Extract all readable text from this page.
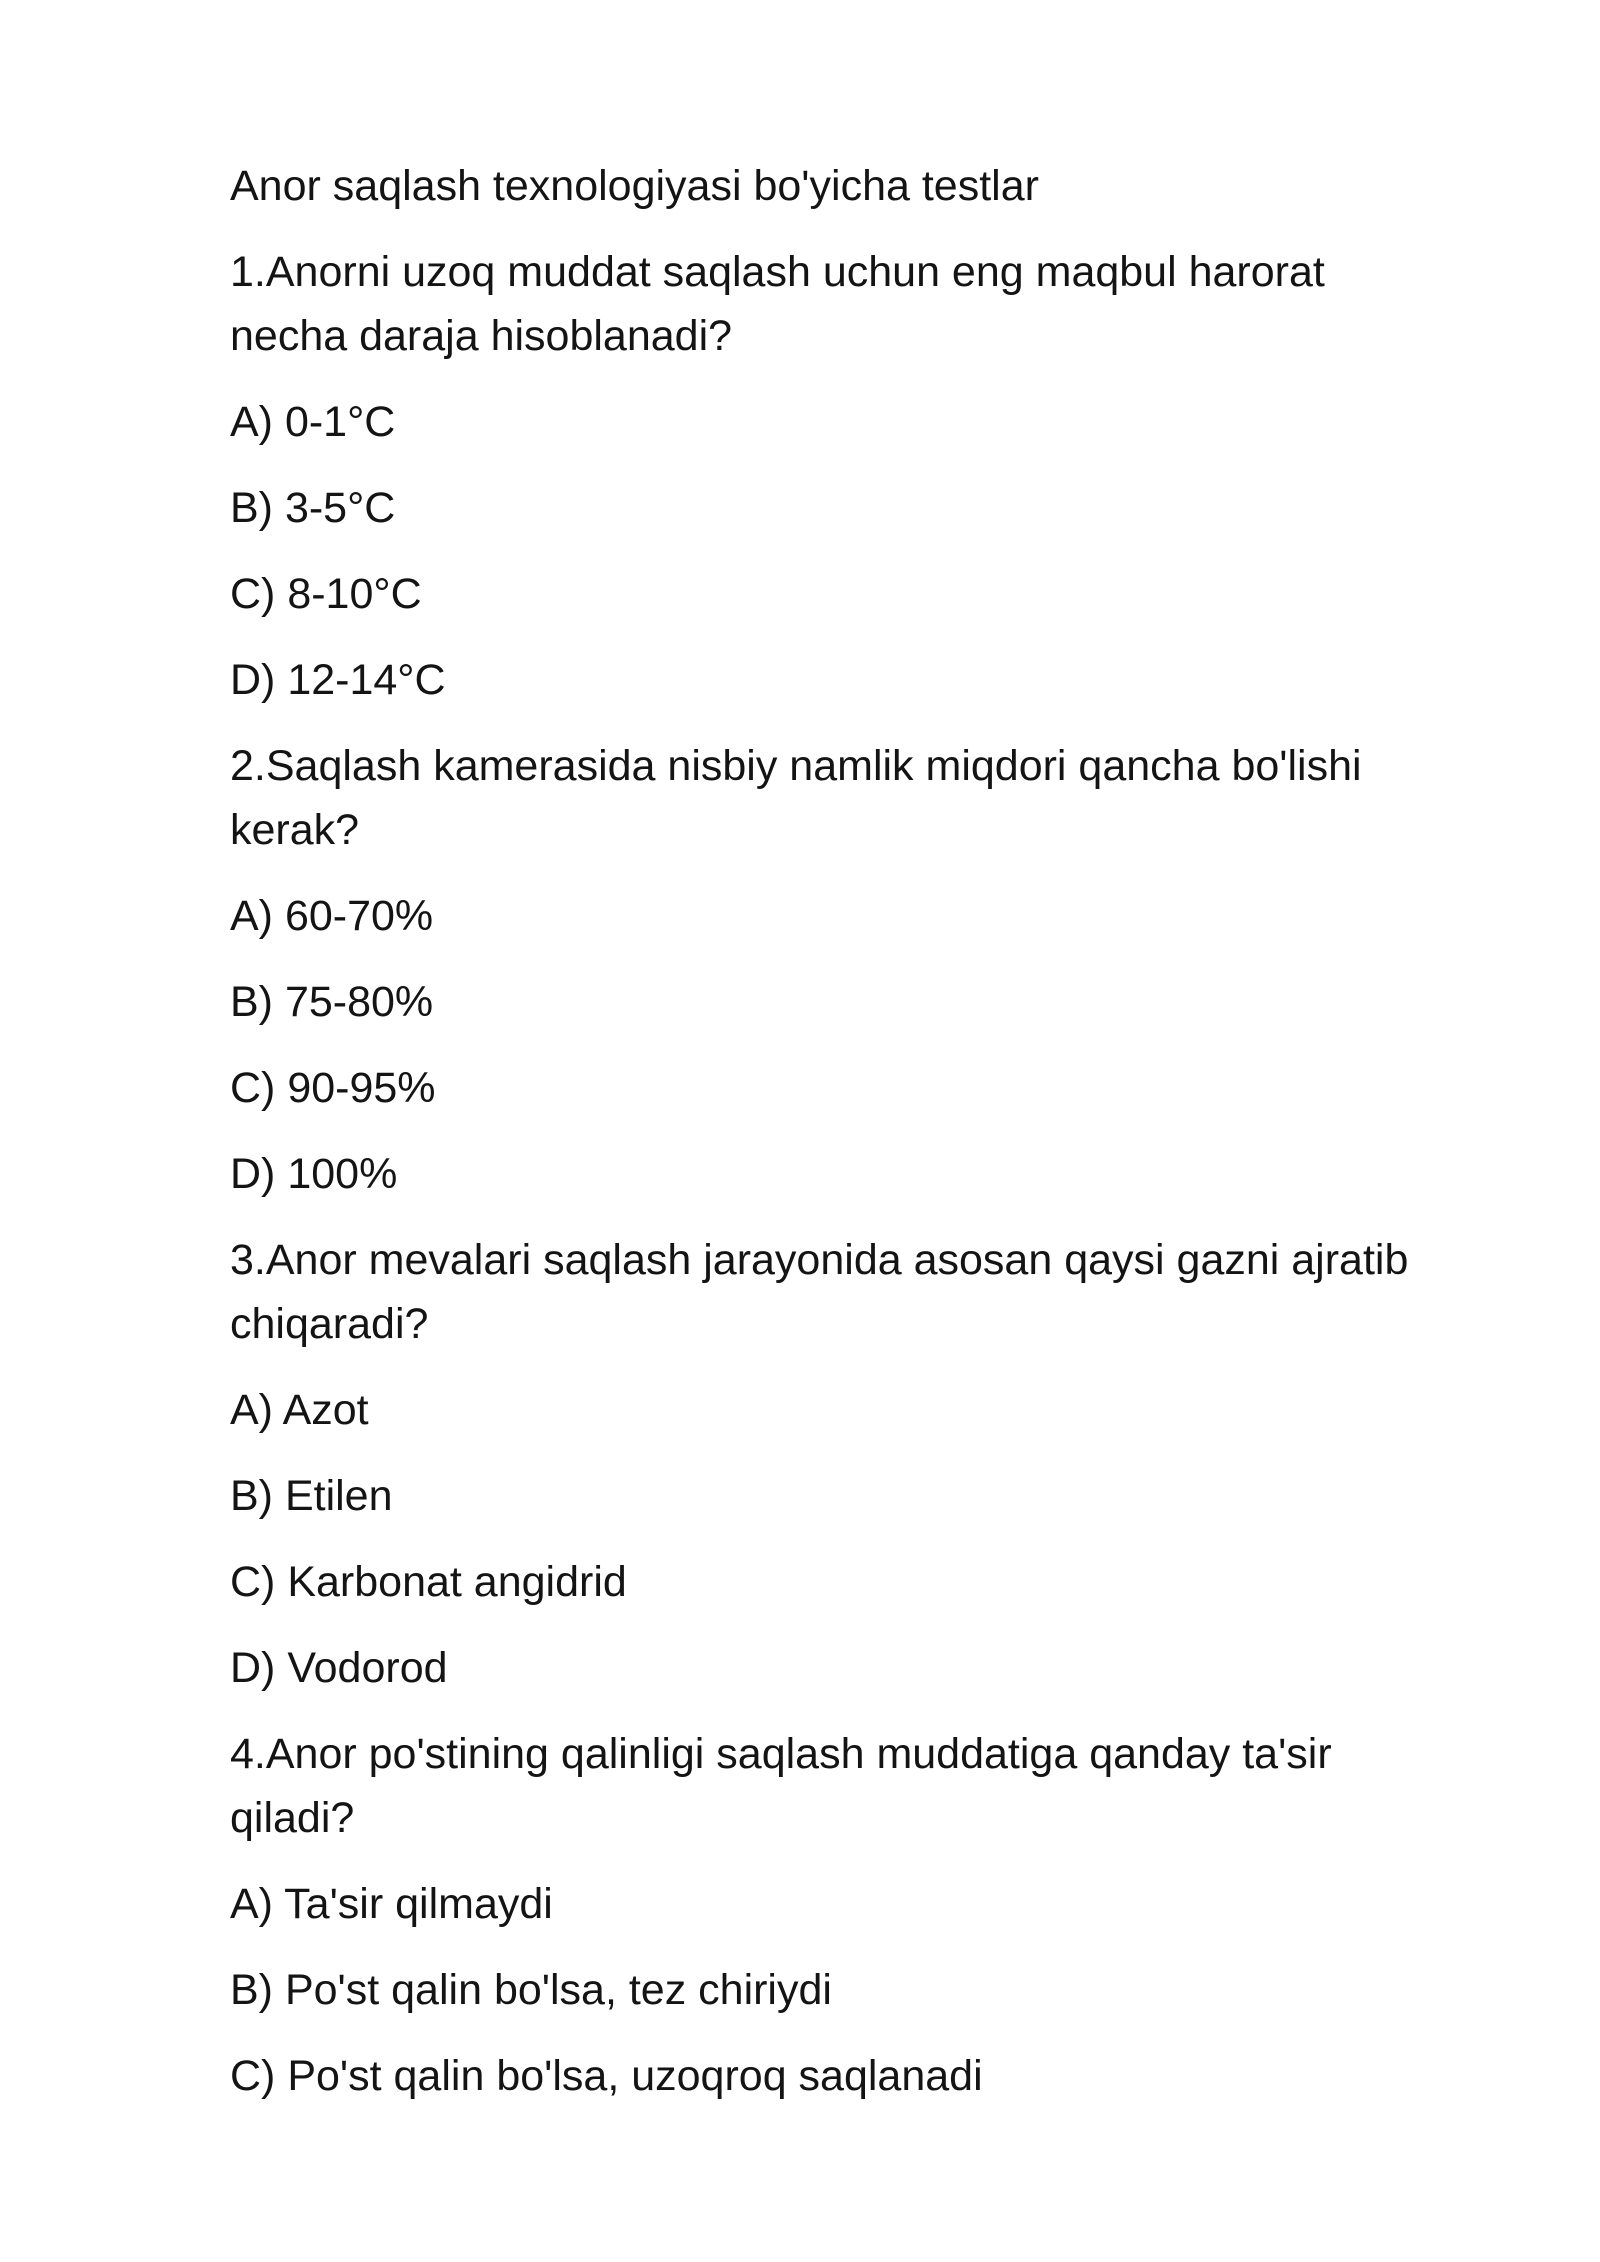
Anor saqlash texnologiyasi bo'yicha testlar
1.Anorni uzoq muddat saqlash uchun eng maqbul harorat necha daraja hisoblanadi?
A) 0-1°C
B) 3-5°C
C) 8-10°C
D) 12-14°C
2.Saqlash kamerasida nisbiy namlik miqdori qancha bo'lishi kerak?
A) 60-70%
B) 75-80%
C) 90-95%
D) 100%
3.Anor mevalari saqlash jarayonida asosan qaysi gazni ajratib chiqaradi?
A) Azot
B) Etilen
C) Karbonat angidrid
D) Vodorod
4.Anor po'stining qalinligi saqlash muddatiga qanday ta'sir qiladi?
A) Ta'sir qilmaydi
B) Po'st qalin bo'lsa, tez chiriydi
C) Po'st qalin bo'lsa, uzoqroq saqlanadi
